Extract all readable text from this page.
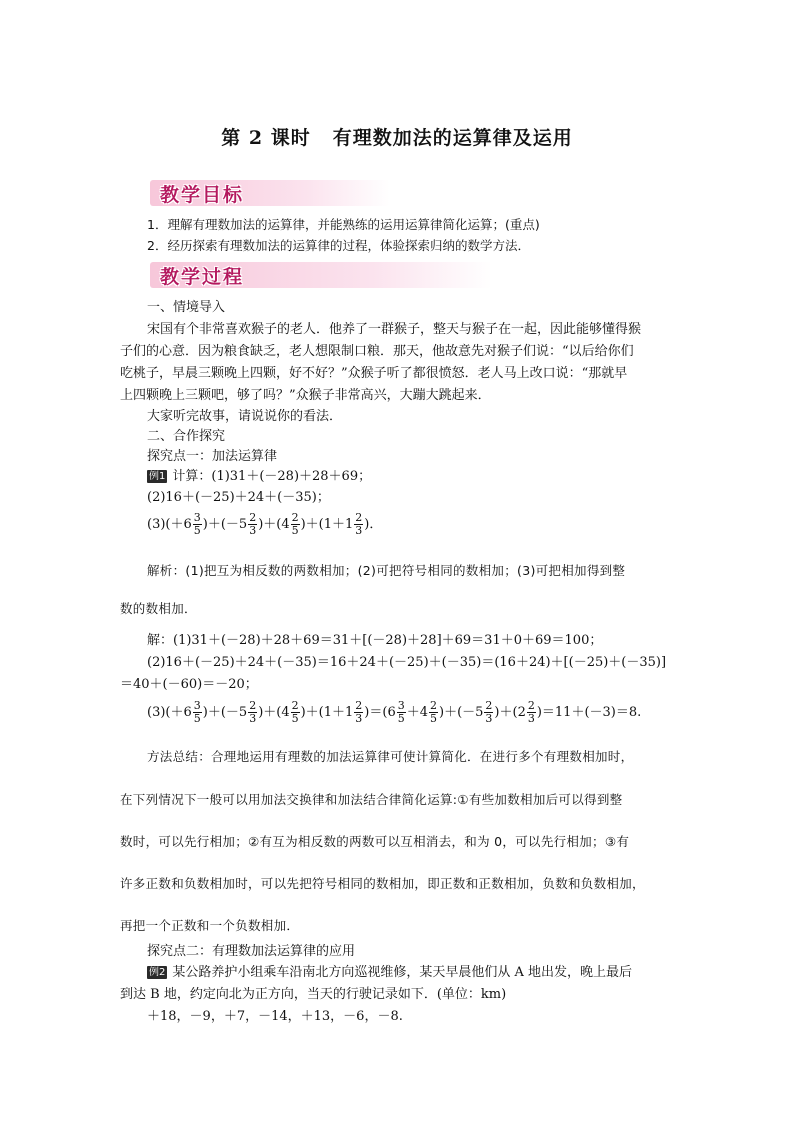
第 2 课时 有理数加法的运算律及运用
教学目标
1．理解有理数加法的运算律，并能熟练的运用运算律简化运算；(重点)
2．经历探索有理数加法的运算律的过程，体验探索归纳的数学方法．
教学过程
一、情境导入
宋国有个非常喜欢猴子的老人．他养了一群猴子，整天与猴子在一起，因此能够懂得猴
子们的心意．因为粮食缺乏，老人想限制口粮．那天，他故意先对猴子们说：“以后给你们
吃桃子，早晨三颗晚上四颗，好不好？”众猴子听了都很愤怒．老人马上改口说：“那就早
上四颗晚上三颗吧，够了吗？”众猴子非常高兴，大蹦大跳起来．
大家听完故事，请说说你的看法．
二、合作探究
探究点一：加法运算律
例1 计算：(1)31＋(－28)＋28＋69；
(2)16＋(－25)＋24＋(－35)；
$(3)(+6 \frac{3}{5} )+(-5 \frac{2}{3} )+(4 \frac{2}{5} )+(1+1 \frac{2}{3}$ )．
解析：(1)把互为相反数的两数相加；(2)可把符号相同的数相加；(3)可把相加得到整
数的数相加．
解：(1)31＋(－28)＋28＋69＝31＋[(－28)＋28]＋69＝31＋0＋69＝100；
(2)16＋(－25)＋24＋(－35)＝16＋24＋(－25)＋(－35)＝(16＋24)＋[(－25)＋(－35)]
＝40＋(－60)＝－20；
$(3)(+6 \frac{3}{5} )+(-5 \frac{2}{3} )+(4 \frac{2}{5} )+(1+1 \frac{2}{3} )=(6 \frac{3}{5} +4 \frac{2}{5} )+(-5 \frac{2}{3} )+(2 \frac{2}{3} )=11+(-3)=8$.
方法总结：合理地运用有理数的加法运算律可使计算简化．在进行多个有理数相加时，
在下列情况下一般可以用加法交换律和加法结合律简化运算:①有些加数相加后可以得到整
数时，可以先行相加；②有互为相反数的两数可以互相消去，和为 0，可以先行相加；③有
许多正数和负数相加时，可以先把符号相同的数相加，即正数和正数相加，负数和负数相加，
再把一个正数和一个负数相加．
探究点二：有理数加法运算律的应用
例2 某公路养护小组乘车沿南北方向巡视维修，某天早晨他们从 A 地出发，晚上最后
到达 B 地，约定向北为正方向，当天的行驶记录如下．(单位：km)
＋18，－9，＋7，－14，＋13，－6，－8.
